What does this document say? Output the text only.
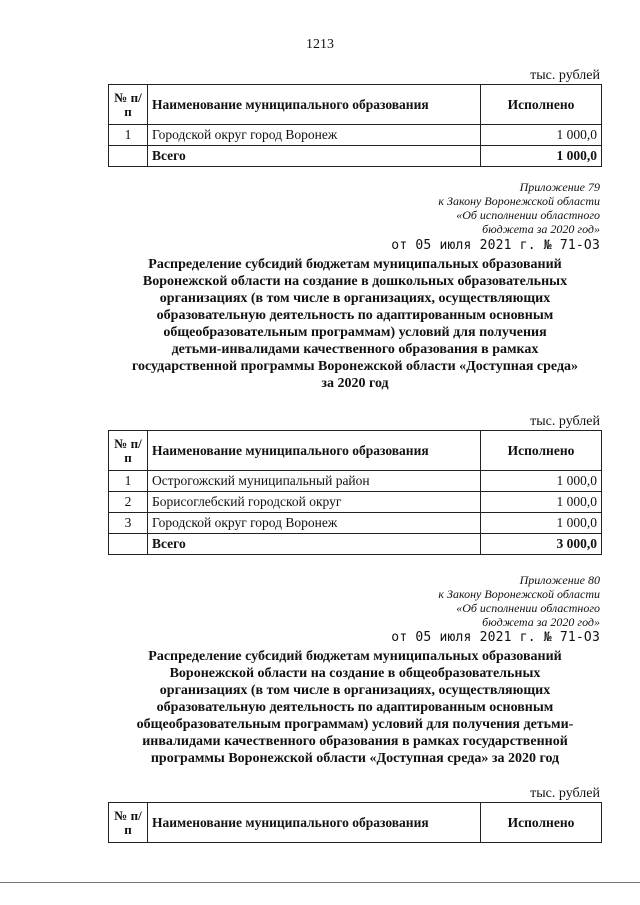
1213
тыс. рублей
№ п/п	Наименование муниципального образования	Исполнено
1	Городской округ город Воронеж	1 000,0
	Всего	1 000,0
Приложение 79
к Закону Воронежской области
«Об исполнении областного
бюджета за 2020 год»
от 05 июля 2021 г. № 71-ОЗ
Распределение субсидий бюджетам муниципальных образований
Воронежской области на создание в дошкольных образовательных
организациях (в том числе в организациях, осуществляющих
образовательную деятельность по адаптированным основным
общеобразовательным программам) условий для получения
детьми-инвалидами качественного образования в рамках
государственной программы Воронежской области «Доступная среда»
за 2020 год
тыс. рублей
№ п/п	Наименование муниципального образования	Исполнено
1	Острогожский муниципальный район	1 000,0
2	Борисоглебский городской округ	1 000,0
3	Городской округ город Воронеж	1 000,0
	Всего	3 000,0
Приложение 80
к Закону Воронежской области
«Об исполнении областного
бюджета за 2020 год»
от 05 июля 2021 г. № 71-ОЗ
Распределение субсидий бюджетам муниципальных образований
Воронежской области на создание в общеобразовательных
организациях (в том числе в организациях, осуществляющих
образовательную деятельность по адаптированным основным
общеобразовательным программам) условий для получения детьми-
инвалидами качественного образования в рамках государственной
программы Воронежской области «Доступная среда» за 2020 год
тыс. рублей
№ п/п	Наименование муниципального образования	Исполнено
